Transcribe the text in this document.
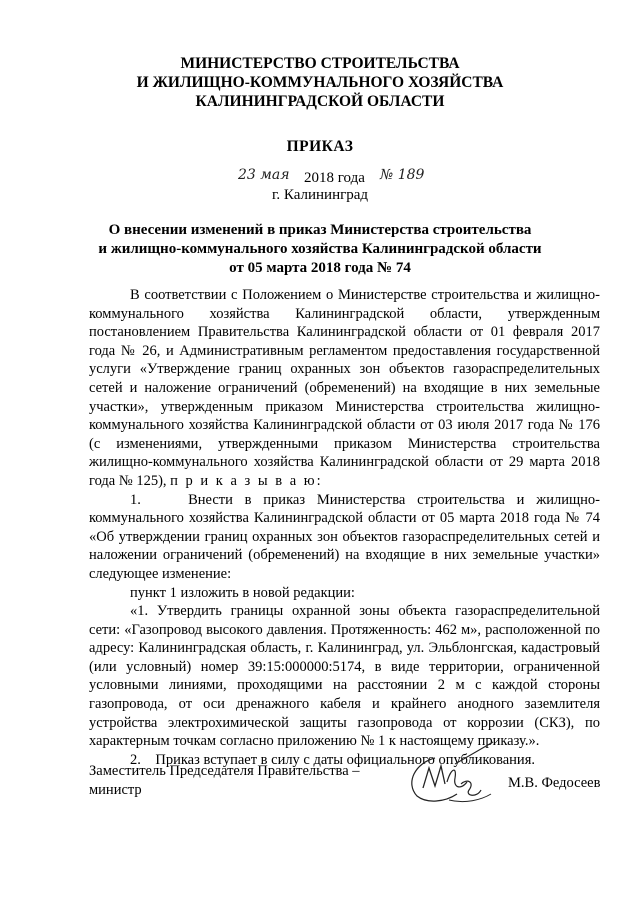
МИНИСТЕРСТВО СТРОИТЕЛЬСТВА
И ЖИЛИЩНО-КОММУНАЛЬНОГО ХОЗЯЙСТВА
КАЛИНИНГРАДСКОЙ ОБЛАСТИ
ПРИКАЗ
23 мая 2018 года № 189
г. Калининград
О внесении изменений в приказ Министерства строительства
и жилищно-коммунального хозяйства Калининградской области
от 05 марта 2018 года № 74

В соответствии с Положением о Министерстве строительства и жилищно-коммунального хозяйства Калининградской области, утвержденным постановлением Правительства Калининградской области от 01 февраля 2017 года № 26, и Административным регламентом предоставления государственной услуги «Утверждение границ охранных зон объектов газораспределительных сетей и наложение ограничений (обременений) на входящие в них земельные участки», утвержденным приказом Министерства строительства жилищно-коммунального хозяйства Калининградской области от 03 июля 2017 года № 176 (с изменениями, утвержденными приказом Министерства строительства жилищно-коммунального хозяйства Калининградской области от 29 марта 2018 года № 125), п р и к а з ы в а ю:

1.    Внести в приказ Министерства строительства и жилищно-коммунального хозяйства Калининградской области от 05 марта 2018 года № 74 «Об утверждении границ охранных зон объектов газораспределительных сетей и наложении ограничений (обременений) на входящие в них земельные участки» следующее изменение:

пункт 1 изложить в новой редакции:

«1. Утвердить границы охранной зоны объекта газораспределительной сети: «Газопровод высокого давления. Протяженность: 462 м», расположенной по адресу: Калининградская область, г. Калининград, ул. Эльблонгская, кадастровый (или условный) номер 39:15:000000:5174, в виде территории, ограниченной условными линиями, проходящими на расстоянии 2 м с каждой стороны газопровода, от оси дренажного кабеля и крайнего анодного заземлителя устройства электрохимической защиты газопровода от коррозии (СКЗ), по характерным точкам согласно приложению № 1 к настоящему приказу.».

2.    Приказ вступает в силу с даты официального опубликования.

Заместитель Председателя Правительства –
министр	М.В. Федосеев
